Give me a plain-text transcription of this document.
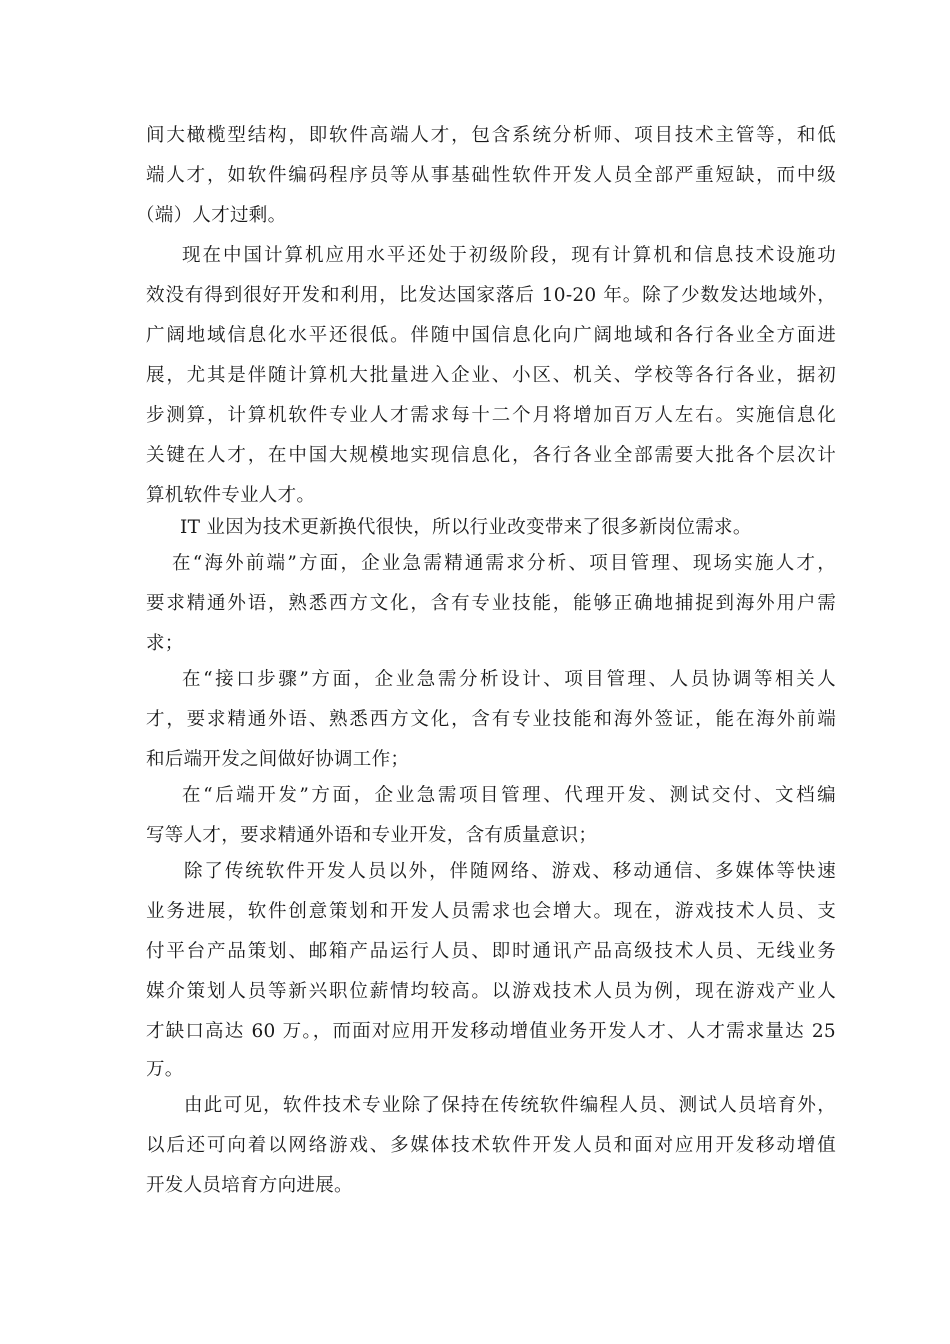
间大橄榄型结构，即软件高端人才，包含系统分析师、项目技术主管等，和低
端人才，如软件编码程序员等从事基础性软件开发人员全部严重短缺，而中级
（端）人才过剩。
现在中国计算机应用水平还处于初级阶段，现有计算机和信息技术设施功
效没有得到很好开发和利用，比发达国家落后 10-20 年。除了少数发达地域外，
广阔地域信息化水平还很低。伴随中国信息化向广阔地域和各行各业全方面进
展，尤其是伴随计算机大批量进入企业、小区、机关、学校等各行各业，据初
步测算，计算机软件专业人才需求每十二个月将增加百万人左右。实施信息化
关键在人才，在中国大规模地实现信息化，各行各业全部需要大批各个层次计
算机软件专业人才。
IT 业因为技术更新换代很快，所以行业改变带来了很多新岗位需求。
在“海外前端”方面，企业急需精通需求分析、项目管理、现场实施人才，
要求精通外语，熟悉西方文化，含有专业技能，能够正确地捕捉到海外用户需
求；
在“接口步骤”方面，企业急需分析设计、项目管理、人员协调等相关人
才，要求精通外语、熟悉西方文化，含有专业技能和海外签证，能在海外前端
和后端开发之间做好协调工作；
在“后端开发”方面，企业急需项目管理、代理开发、测试交付、文档编
写等人才，要求精通外语和专业开发，含有质量意识；
除了传统软件开发人员以外，伴随网络、游戏、移动通信、多媒体等快速
业务进展，软件创意策划和开发人员需求也会增大。现在，游戏技术人员、支
付平台产品策划、邮箱产品运行人员、即时通讯产品高级技术人员、无线业务
媒介策划人员等新兴职位薪情均较高。以游戏技术人员为例，现在游戏产业人
才缺口高达 60 万。，而面对应用开发移动增值业务开发人才、人才需求量达 25
万。
由此可见，软件技术专业除了保持在传统软件编程人员、测试人员培育外，
以后还可向着以网络游戏、多媒体技术软件开发人员和面对应用开发移动增值
开发人员培育方向进展。
